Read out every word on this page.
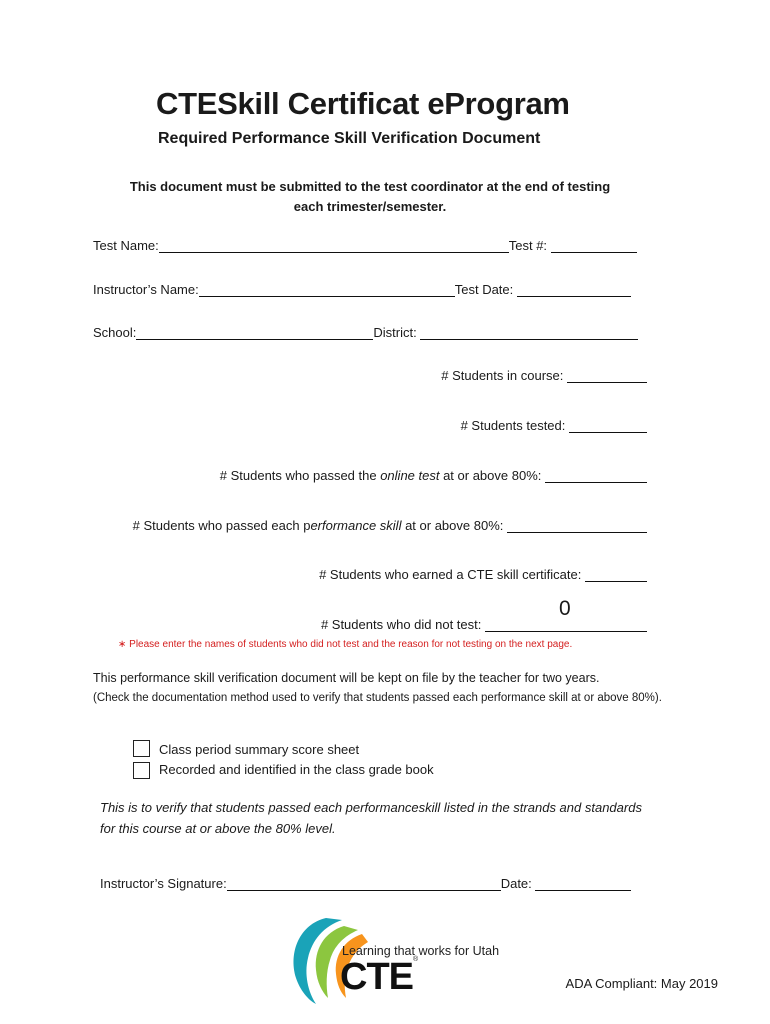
CTESkill Certificat eProgram
Required Performance Skill Verification Document
This document must be submitted to the test coordinator at the end of testing
each trimester/semester.
Test Name:	Test #:
Instructor’s Name:	Test Date:
School:	District:
# Students in course:
# Students tested:
# Students who passed the online test at or above 80%:
# Students who passed each performance skill at or above 80%:
# Students who earned a CTE skill certificate:
# Students who did not test:
0
∗ Please enter the names of students who did not test and the reason for not testing on the next page.
This performance skill verification document will be kept on file by the teacher for two years.
(Check the documentation method used to verify that students passed each performance skill at or above 80%).
Class period summary score sheet
Recorded and identified in the class grade book
This is to verify that students passed each performanceskill listed in the strands and standards for this course at or above the 80% level.
Instructor’s Signature:	Date:
Learning that works for Utah
CTE®
ADA Compliant: May 2019
